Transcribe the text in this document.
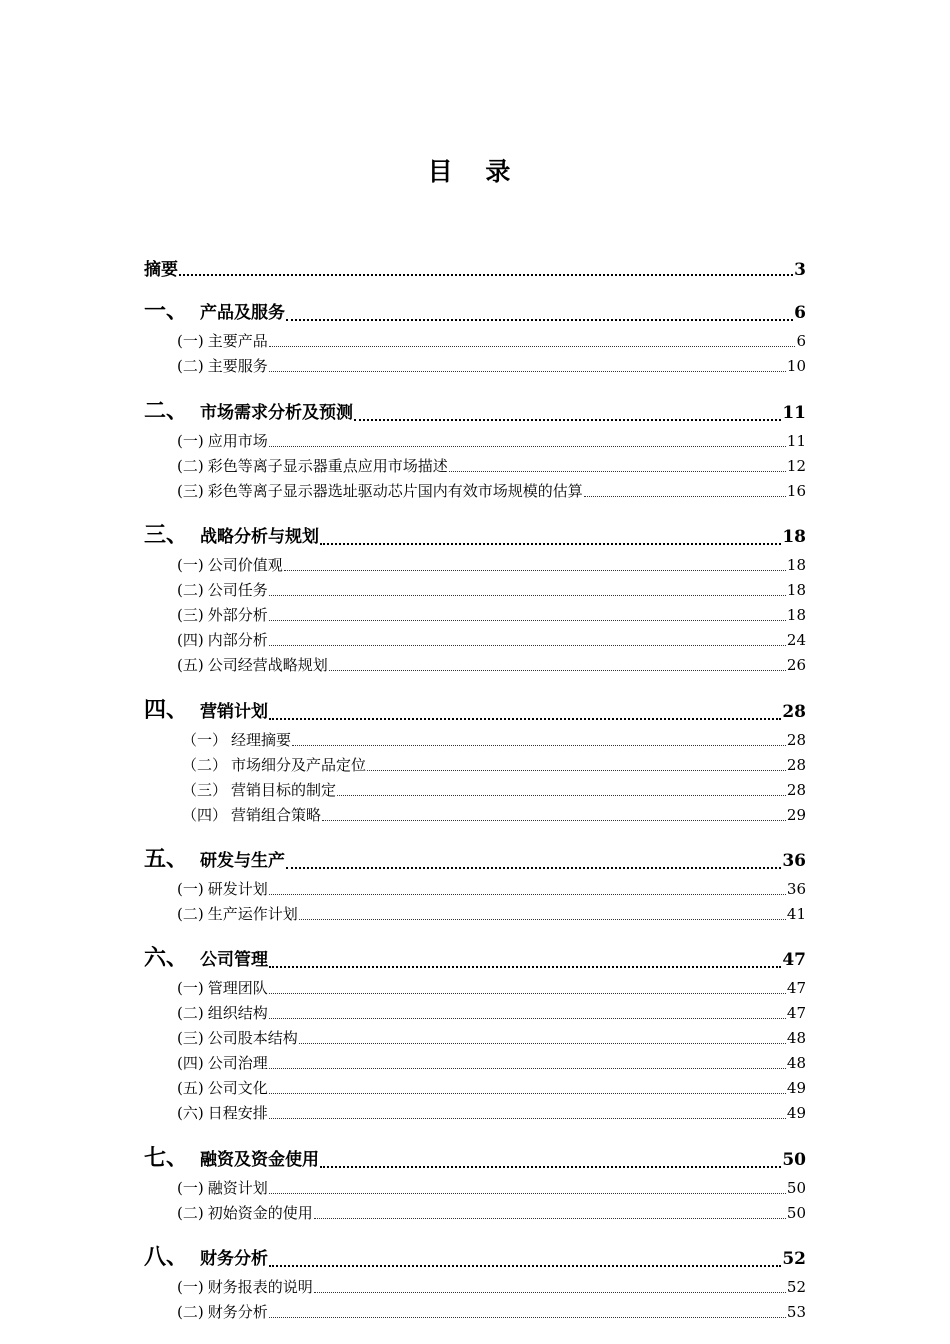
目 录
摘要	3
一、 产品及服务	6
(一) 主要产品	6
(二) 主要服务	10
二、 市场需求分析及预测	11
(一) 应用市场	11
(二) 彩色等离子显示器重点应用市场描述	12
(三) 彩色等离子显示器选址驱动芯片国内有效市场规模的估算	16
三、 战略分析与规划	18
(一) 公司价值观	18
(二) 公司任务	18
(三) 外部分析	18
(四) 内部分析	24
(五) 公司经营战略规划	26
四、 营销计划	28
（一） 经理摘要	28
（二） 市场细分及产品定位	28
（三） 营销目标的制定	28
（四） 营销组合策略	29
五、 研发与生产	36
(一) 研发计划	36
(二) 生产运作计划	41
六、 公司管理	47
(一) 管理团队	47
(二) 组织结构	47
(三) 公司股本结构	48
(四) 公司治理	48
(五) 公司文化	49
(六) 日程安排	49
七、 融资及资金使用	50
(一) 融资计划	50
(二) 初始资金的使用	50
八、 财务分析	52
(一) 财务报表的说明	52
(二) 财务分析	53
